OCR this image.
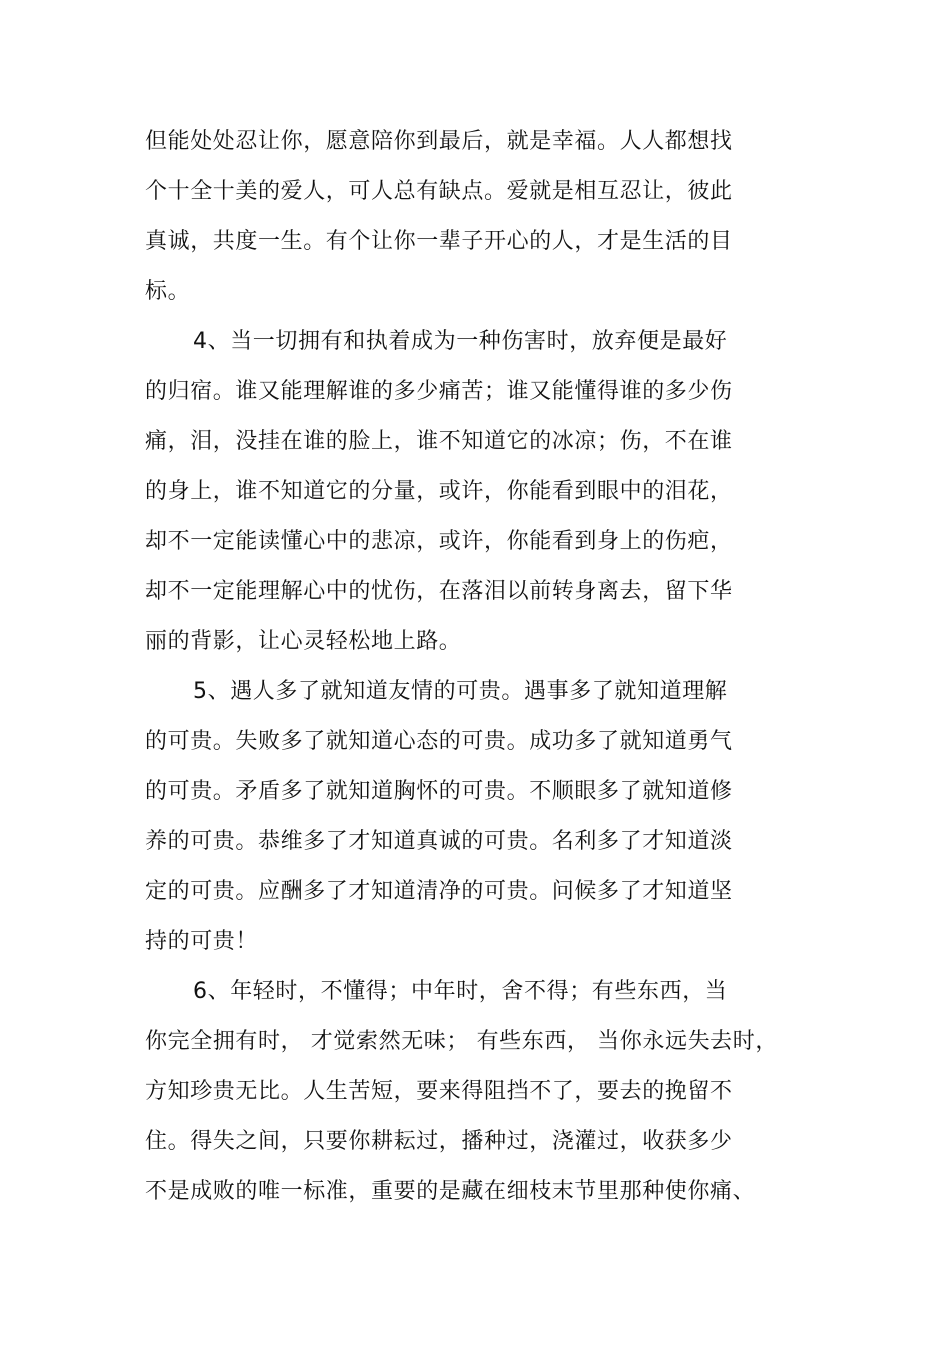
但能处处忍让你，愿意陪你到最后，就是幸福。人人都想找
个十全十美的爱人，可人总有缺点。爱就是相互忍让，彼此
真诚，共度一生。有个让你一辈子开心的人，才是生活的目
标。
4、当一切拥有和执着成为一种伤害时，放弃便是最好
的归宿。谁又能理解谁的多少痛苦；谁又能懂得谁的多少伤
痛，泪，没挂在谁的脸上，谁不知道它的冰凉；伤，不在谁
的身上，谁不知道它的分量，或许，你能看到眼中的泪花，
却不一定能读懂心中的悲凉，或许，你能看到身上的伤疤，
却不一定能理解心中的忧伤，在落泪以前转身离去，留下华
丽的背影，让心灵轻松地上路。
5、遇人多了就知道友情的可贵。遇事多了就知道理解
的可贵。失败多了就知道心态的可贵。成功多了就知道勇气
的可贵。矛盾多了就知道胸怀的可贵。不顺眼多了就知道修
养的可贵。恭维多了才知道真诚的可贵。名利多了才知道淡
定的可贵。应酬多了才知道清净的可贵。问候多了才知道坚
持的可贵！
6、年轻时，不懂得；中年时，舍不得；有些东西，当
你完全拥有时， 才觉索然无味； 有些东西， 当你永远失去时，
方知珍贵无比。人生苦短，要来得阻挡不了，要去的挽留不
住。得失之间，只要你耕耘过，播种过，浇灌过，收获多少
不是成败的唯一标准，重要的是藏在细枝末节里那种使你痛、
